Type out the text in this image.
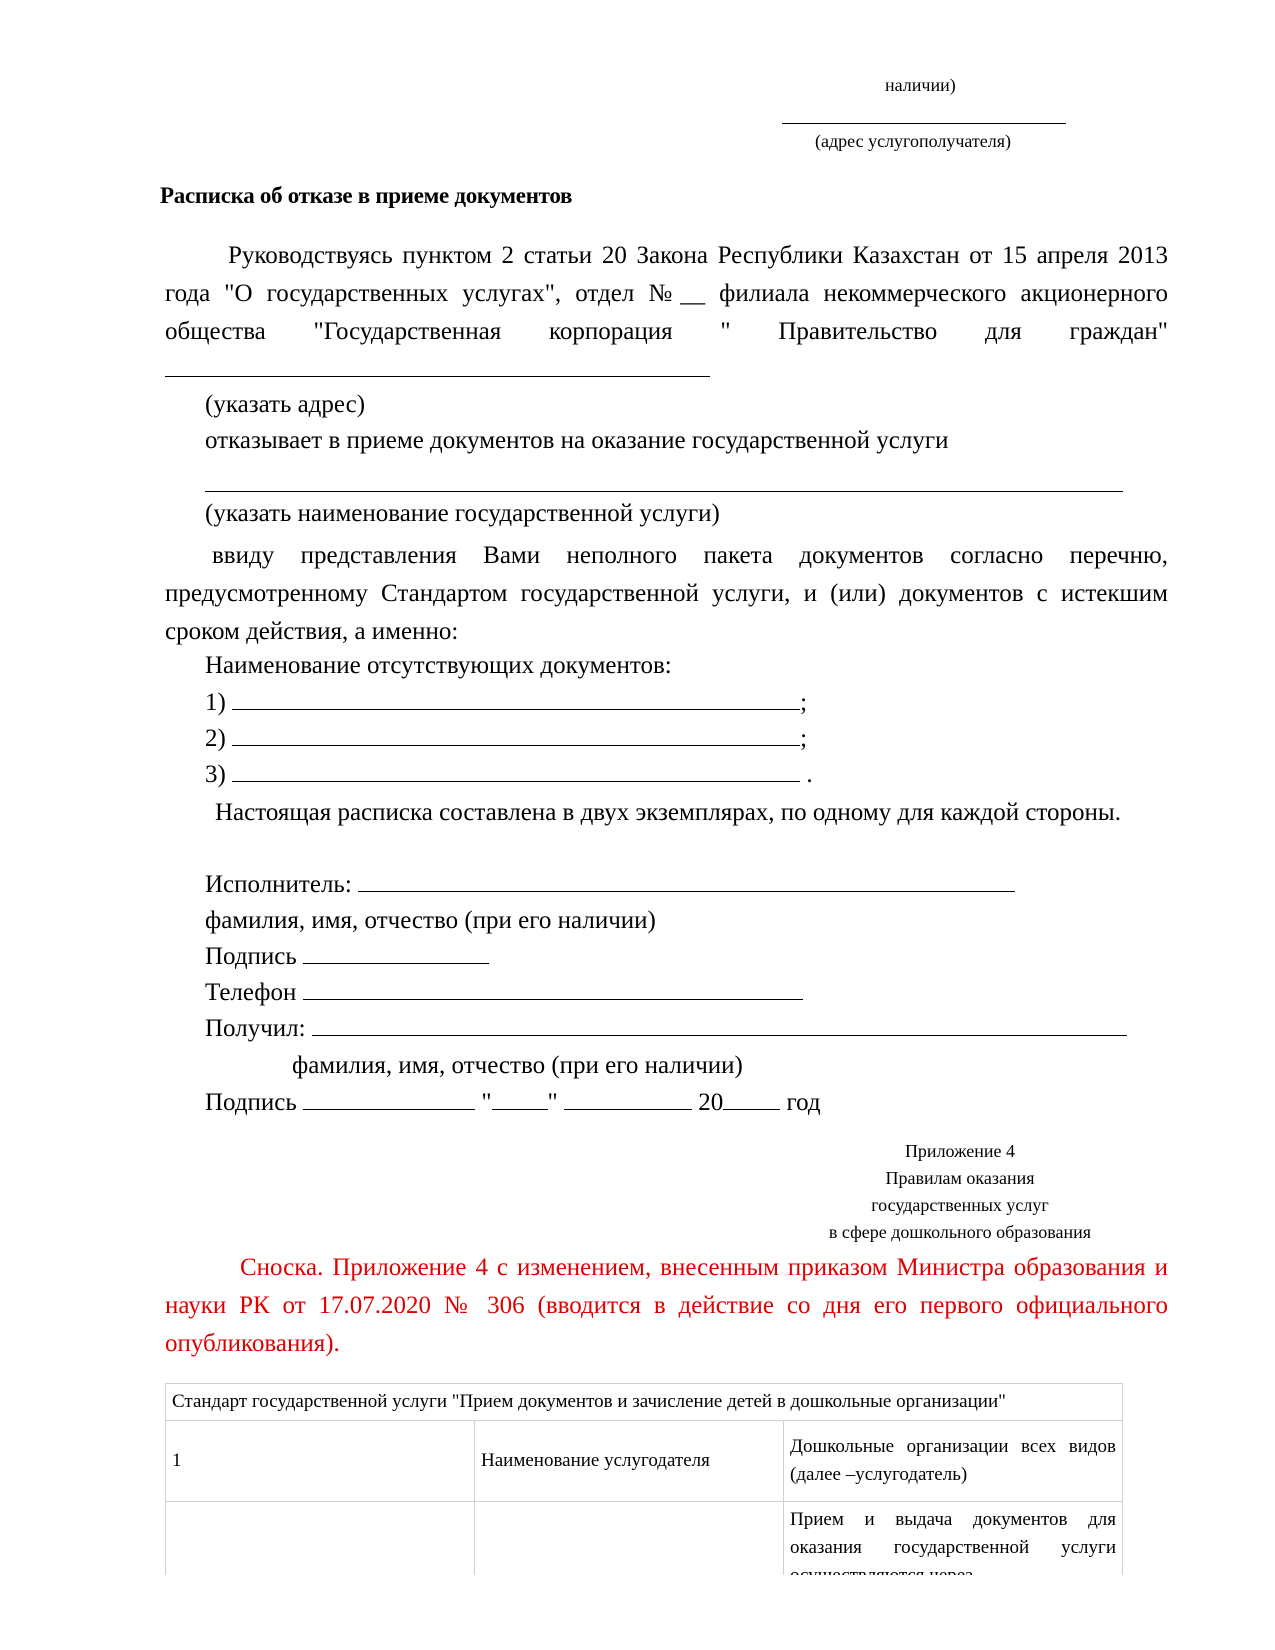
наличии)
(адрес услугополучателя)
Расписка об отказе в приеме документов
Руководствуясь пунктом 2 статьи 20 Закона Республики Казахстан от 15 апреля 2013 года "О государственных услугах", отдел №__ филиала некоммерческого акционерного общества "Государственная корпорация " Правительство для граждан"
(указать адрес)
отказывает в приеме документов на оказание государственной услуги
(указать наименование государственной услуги)
ввиду представления Вами неполного пакета документов согласно перечню, предусмотренному Стандартом государственной услуги, и (или) документов с истекшим сроком действия, а именно:
Наименование отсутствующих документов:
1)	;
2)	;
3)	.
Настоящая расписка составлена в двух экземплярах, по одному для каждой стороны.
Исполнитель:
фамилия, имя, отчество (при его наличии)
Подпись
Телефон
Получил:
фамилия, имя, отчество (при его наличии)
Подпись	" "	20	год
Приложение 4
Правилам оказания
государственных услуг
в сфере дошкольного образования
Сноска. Приложение 4 с изменением, внесенным приказом Министра образования и науки РК от 17.07.2020 № 306 (вводится в действие со дня его первого официального опубликования).
Стандарт государственной услуги "Прием документов и зачисление детей в дошкольные организации"		
1	Наименование услугодателя	Дошкольные организации всех видов (далее –услугодатель)
		Прием и выдача документов для оказания государственной услуги
